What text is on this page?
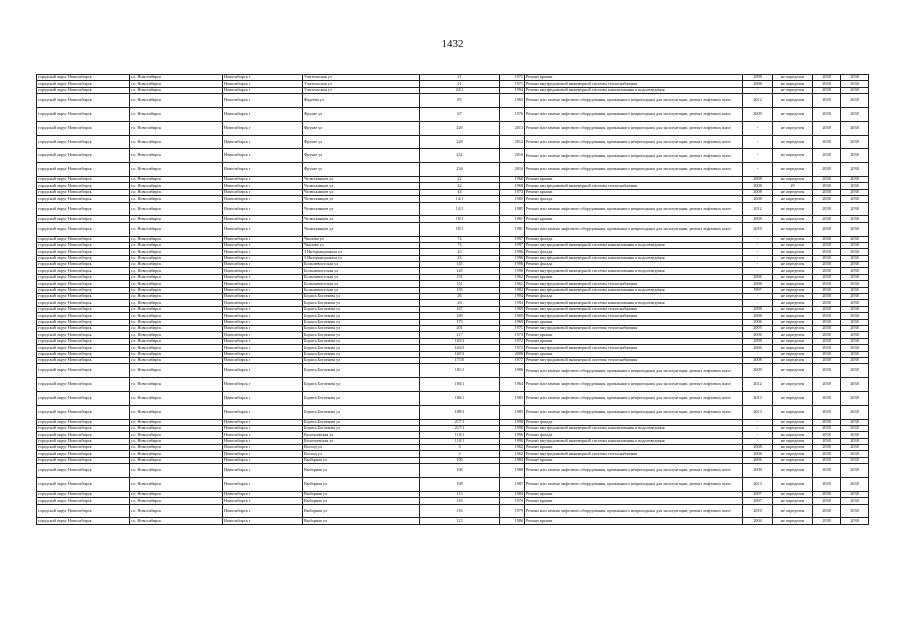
1432
городской округ Новосибирск	г.о. Новосибирск	Новосибирск г	Учительская ул	21	1971	Ремонт крыши	2008	не определен	2038	2038
городской округ Новосибирск	г.о. Новосибирск	Новосибирск г	Учительская ул	21	1971	Ремонт внутридомовой инженерной системы теплоснабжения	2008	не определен	2038	2038
городской округ Новосибирск	г.о. Новосибирск	Новосибирск г	Учительская ул	24/1	1994	Ремонт внутридомовой инженерной системы канализования и водоотведения	-	не определен	2038	2038
городской округ Новосибирск	г.о. Новосибирск	Новосибирск г	Фадеева ул	85	1965	Ремонт или замена лифтового оборудования, признанного непригодным для эксплуатации, ремонт лифтовых шахт	2012	не определен	2038	2038
городской округ Новосибирск	г.о. Новосибирск	Новосибирск г	Фрунзе ул	67	1976	Ремонт или замена лифтового оборудования, признанного непригодным для эксплуатации, ремонт лифтовых шахт	2009	не определен	2038	2038
городской округ Новосибирск	г.о. Новосибирск	Новосибирск г	Фрунзе ул	226	2013	Ремонт или замена лифтового оборудования, признанного непригодным для эксплуатации, ремонт лифтовых шахт	-	не определен	2038	2038
городской округ Новосибирск	г.о. Новосибирск	Новосибирск г	Фрунзе ул	228	2012	Ремонт или замена лифтового оборудования, признанного непригодным для эксплуатации, ремонт лифтовых шахт	-	не определен	2038	2038
городской округ Новосибирск	г.о. Новосибирск	Новосибирск г	Фрунзе ул	232	2010	Ремонт или замена лифтового оборудования, признанного непригодным для эксплуатации, ремонт лифтовых шахт	-	не определен	2038	2038
городской округ Новосибирск	г.о. Новосибирск	Новосибирск г	Фрунзе ул	234	2010	Ремонт или замена лифтового оборудования, признанного непригодным для эксплуатации, ремонт лифтовых шахт	-	не определен	2038	2038
городской округ Новосибирск	г.о. Новосибирск	Новосибирск г	Челюскинцев ул	22	1968	Ремонт крыши	2008	не определен	2038	2038
городской округ Новосибирск	г.о. Новосибирск	Новосибирск г	Челюскинцев ул	22	1968	Ремонт внутридомовой инженерной системы теплоснабжения	2008	29	2038	2038
городской округ Новосибирск	г.о. Новосибирск	Новосибирск г	Челюскинцев ул	44	1973	Ремонт крыши	2008	не определен	2038	2038
городской округ Новосибирск	г.о. Новосибирск	Новосибирск г	Челюскинцев ул	14/1	1985	Ремонт фасада	2008	не определен	2038	2038
городской округ Новосибирск	г.о. Новосибирск	Новосибирск г	Челюскинцев ул	14/1	1985	Ремонт или замена лифтового оборудования, признанного непригодным для эксплуатации, ремонт лифтовых шахт	2012	не определен	2038	2038
городской округ Новосибирск	г.о. Новосибирск	Новосибирск г	Челюскинцев ул	18/1	1981	Ремонт крыши	2008	не определен	2038	2038
городской округ Новосибирск	г.о. Новосибирск	Новосибирск г	Челюскинцев ул	18/1	1981	Ремонт или замена лифтового оборудования, признанного непригодным для эксплуатации, ремонт лифтовых шахт	2010	не определен	2038	2038
городской округ Новосибирск	г.о. Новосибирск	Новосибирск г	Чкалова ул	74	1997	Ремонт фасада	-	не определен	2038	2038
городской округ Новосибирск	г.о. Новосибирск	Новосибирск г	Чкалова ул	74	1997	Ремонт внутридомовой инженерной системы канализования и водоотведения	-	не определен	2038	2038
городской округ Новосибирск	г.о. Новосибирск	Новосибирск г	3 Интернационала ул	23	1996	Ремонт фасада	-	не определен	2038	2038
городской округ Новосибирск	г.о. Новосибирск	Новосибирск г	3 Интернационала ул	23	1996	Ремонт внутридомовой инженерной системы канализования и водоотведения	-	не определен	2038	2038
городской округ Новосибирск	г.о. Новосибирск	Новосибирск г	Большевистская ул	145	1996	Ремонт фасада	-	не определен	2038	2038
городской округ Новосибирск	г.о. Новосибирск	Новосибирск г	Большевистская ул	145	1996	Ремонт внутридомовой инженерной системы канализования и водоотведения	-	не определен	2038	2038
городской округ Новосибирск	г.о. Новосибирск	Новосибирск г	Большевистская ул	151	1962	Ремонт крыши	2006	не определен	2038	2038
городской округ Новосибирск	г.о. Новосибирск	Новосибирск г	Большевистская ул	151	1962	Ремонт внутридомовой инженерной системы теплоснабжения	2008	не определен	2038	2038
городской округ Новосибирск	г.о. Новосибирск	Новосибирск г	Большевистская ул	155	1982	Ремонт внутридомовой инженерной системы канализования и водоотведения	1997	не определен	2038	2038
городской округ Новосибирск	г.о. Новосибирск	Новосибирск г	Бориса Богаткова ул	26	1994	Ремонт фасада	-	не определен	2038	2038
городской округ Новосибирск	г.о. Новосибирск	Новосибирск г	Бориса Богаткова ул	26	1994	Ремонт внутридомовой инженерной системы канализования и водоотведения	-	не определен	2038	2038
городской округ Новосибирск	г.о. Новосибирск	Новосибирск г	Бориса Богаткова ул	167	1969	Ремонт внутридомовой инженерной системы теплоснабжения	2008	не определен	2038	2038
городской округ Новосибирск	г.о. Новосибирск	Новосибирск г	Бориса Богаткова ул	169	1969	Ремонт внутридомовой инженерной системы теплоснабжения	2008	не определен	2038	2038
городской округ Новосибирск	г.о. Новосибирск	Новосибирск г	Бориса Богаткова ул	173	1969	Ремонт крыши	2006	не определен	2038	2038
городской округ Новосибирск	г.о. Новосибирск	Новосибирск г	Бориса Богаткова ул	201	1971	Ремонт внутридомовой инженерной системы теплоснабжения	2005	не определен	2038	2038
городской округ Новосибирск	г.о. Новосибирск	Новосибирск г	Бориса Богаткова ул	217	1973	Ремонт крыши	2006	не определен	2038	2038
городской округ Новосибирск	г.о. Новосибирск	Новосибирск г	Бориса Богаткова ул	163/3	1972	Ремонт крыши	2008	не определен	2038	2038
городской округ Новосибирск	г.о. Новосибирск	Новосибирск г	Бориса Богаткова ул	163/3	1972	Ремонт внутридомовой инженерной системы теплоснабжения	2006	не определен	2038	2038
городской округ Новосибирск	г.о. Новосибирск	Новосибирск г	Бориса Богаткова ул	165/3	2000	Ремонт крыши	-	не определен	2038	2038
городской округ Новосибирск	г.о. Новосибирск	Новосибирск г	Бориса Богаткова ул	171/6	1977	Ремонт внутридомовой инженерной системы теплоснабжения	2008	не определен	2038	2038
городской округ Новосибирск	г.о. Новосибирск	Новосибирск г	Бориса Богаткова ул	181/1	1986	Ремонт или замена лифтового оборудования, признанного непригодным для эксплуатации, ремонт лифтовых шахт	2009	не определен	2038	2038
городской округ Новосибирск	г.о. Новосибирск	Новосибирск г	Бориса Богаткова ул	184/1	1964	Ремонт или замена лифтового оборудования, признанного непригодным для эксплуатации, ремонт лифтовых шахт	2012	не определен	2038	2038
городской округ Новосибирск	г.о. Новосибирск	Новосибирск г	Бориса Богаткова ул	186/1	1985	Ремонт или замена лифтового оборудования, признанного непригодным для эксплуатации, ремонт лифтовых шахт	2013	не определен	2038	2038
городской округ Новосибирск	г.о. Новосибирск	Новосибирск г	Бориса Богаткова ул	188/1	1985	Ремонт или замена лифтового оборудования, признанного непригодным для эксплуатации, ремонт лифтовых шахт	2013	не определен	2038	2038
городской округ Новосибирск	г.о. Новосибирск	Новосибирск г	Бориса Богаткова ул	217/1	1998	Ремонт фасада	-	не определен	2038	2038
городской округ Новосибирск	г.о. Новосибирск	Новосибирск г	Бориса Богаткова ул	217/1	1998	Ремонт внутридомовой инженерной системы канализования и водоотведения	-	не определен	2038	2038
городской округ Новосибирск	г.о. Новосибирск	Новосибирск г	Волочаевская ул	110/1	1996	Ремонт фасада	-	не определен	2038	2038
городской округ Новосибирск	г.о. Новосибирск	Новосибирск г	Волочаевская ул	110/1	1996	Ремонт внутридомовой инженерной системы канализования и водоотведения	-	не определен	2038	2038
городской округ Новосибирск	г.о. Новосибирск	Новосибирск г	Восход ул	3	1962	Ремонт крыши	2008	не определен	2038	2038
городской округ Новосибирск	г.о. Новосибирск	Новосибирск г	Восход ул	3	1962	Ремонт внутридомовой инженерной системы теплоснабжения	2008	не определен	2038	2038
городской округ Новосибирск	г.о. Новосибирск	Новосибирск г	Выборная ул	105	1984	Ремонт крыши	2006	не определен	2038	2038
городской округ Новосибирск	г.о. Новосибирск	Новосибирск г	Выборная ул	106	1980	Ремонт или замена лифтового оборудования, признанного непригодным для эксплуатации, ремонт лифтовых шахт	2009	не определен	2038	2038
городской округ Новосибирск	г.о. Новосибирск	Новосибирск г	Выборная ул	108	1987	Ремонт или замена лифтового оборудования, признанного непригодным для эксплуатации, ремонт лифтовых шахт	2013	не определен	2038	2038
городской округ Новосибирск	г.о. Новосибирск	Новосибирск г	Выборная ул	113	1984	Ремонт крыши	2007	не определен	2038	2038
городской округ Новосибирск	г.о. Новосибирск	Новосибирск г	Выборная ул	116	1979	Ремонт крыши	2007	не определен	2038	2038
городской округ Новосибирск	г.о. Новосибирск	Новосибирск г	Выборная ул	116	1979	Ремонт или замена лифтового оборудования, признанного непригодным для эксплуатации, ремонт лифтовых шахт	2010	не определен	2038	2038
городской округ Новосибирск	г.о. Новосибирск	Новосибирск г	Выборная ул	123	1986	Ремонт крыши	2004	не определен	2038	2038
